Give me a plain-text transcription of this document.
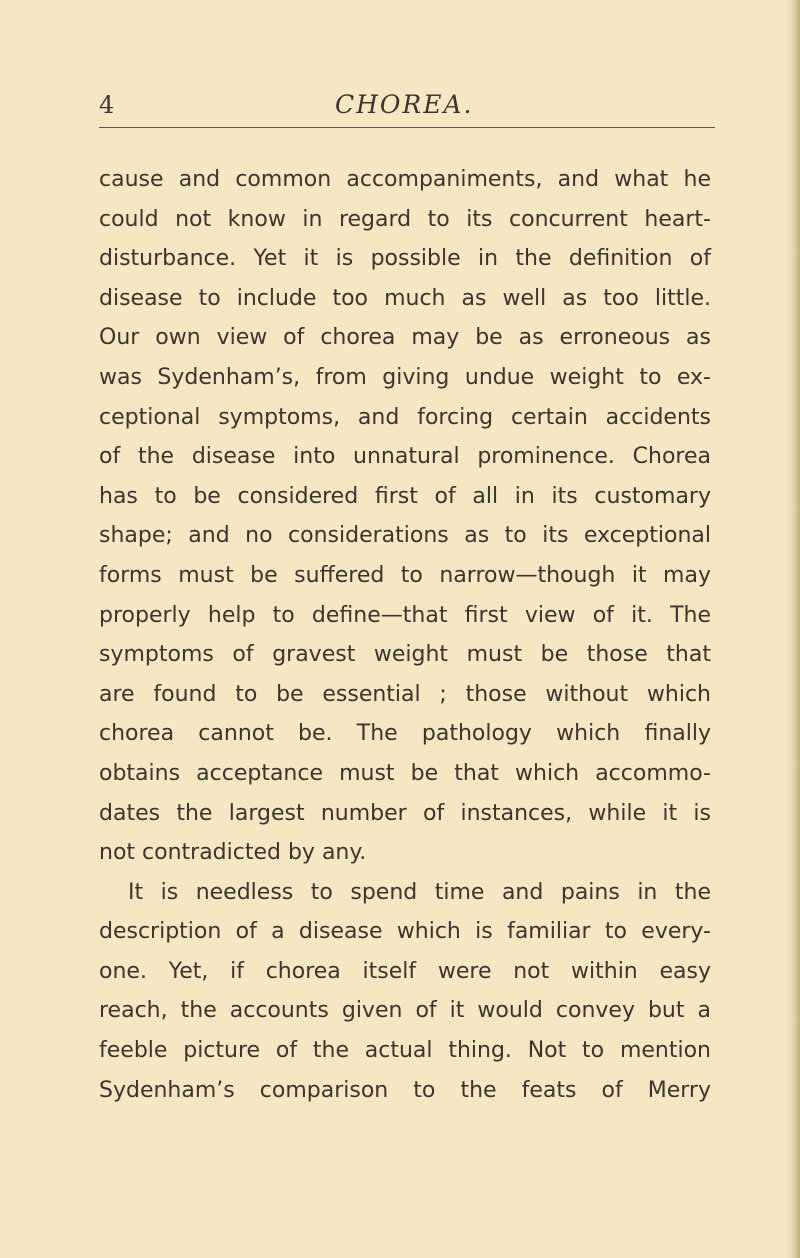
4	CHOREA.
cause and common accompaniments, and what he
could not know in regard to its concurrent heart-
disturbance. Yet it is possible in the definition of
disease to include too much as well as too little.
Our own view of chorea may be as erroneous as
was Sydenham’s, from giving undue weight to ex-
ceptional symptoms, and forcing certain accidents
of the disease into unnatural prominence. Chorea
has to be considered first of all in its customary
shape; and no considerations as to its exceptional
forms must be suffered to narrow—though it may
properly help to define—that first view of it. The
symptoms of gravest weight must be those that
are found to be essential ; those without which
chorea cannot be. The pathology which finally
obtains acceptance must be that which accommo-
dates the largest number of instances, while it is
not contradicted by any.
It is needless to spend time and pains in the
description of a disease which is familiar to every-
one. Yet, if chorea itself were not within easy
reach, the accounts given of it would convey but a
feeble picture of the actual thing. Not to mention
Sydenham’s comparison to the feats of Merry
